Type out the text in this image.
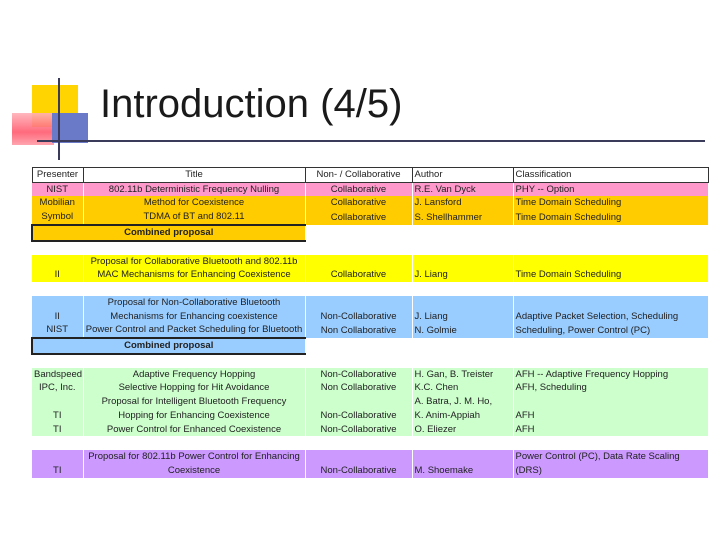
Introduction (4/5)
Presenter	Title	Non- / Collaborative	Author	Classification
NIST	802.11b Deterministic Frequency Nulling	Collaborative	R.E. Van Dyck	PHY -- Option
Mobilian	Method for Coexistence	Collaborative	J. Lansford	Time Domain Scheduling
Symbol	TDMA of BT and 802.11	Collaborative	S. Shellhammer	Time Domain Scheduling
Combined proposal				

II	Proposal for Collaborative Bluetooth and 802.11b MAC Mechanisms for Enhancing Coexistence	Collaborative	J. Liang	Time Domain Scheduling

II	Proposal for Non-Collaborative Bluetooth Mechanisms for Enhancing coexistence	Non-Collaborative	J. Liang	Adaptive Packet Selection, Scheduling
NIST	Power Control and Packet Scheduling for Bluetooth	Non Collaborative	N. Golmie	Scheduling, Power Control (PC)
Combined proposal				

Bandspeed	Adaptive Frequency Hopping	Non-Collaborative	H. Gan, B. Treister	AFH -- Adaptive Frequency Hopping
IPC, Inc.	Selective Hopping for Hit Avoidance	Non Collaborative	K.C. Chen	AFH, Scheduling
	Proposal for Intelligent Bluetooth Frequency		A. Batra, J. M. Ho,	
TI	Hopping for Enhancing Coexistence	Non-Collaborative	K. Anim-Appiah	AFH
TI	Power Control for Enhanced Coexistence	Non-Collaborative	O. Eliezer	AFH

TI	Proposal for 802.11b Power Control for Enhancing Coexistence	Non-Collaborative	M. Shoemake	Power Control (PC), Data Rate Scaling (DRS)
